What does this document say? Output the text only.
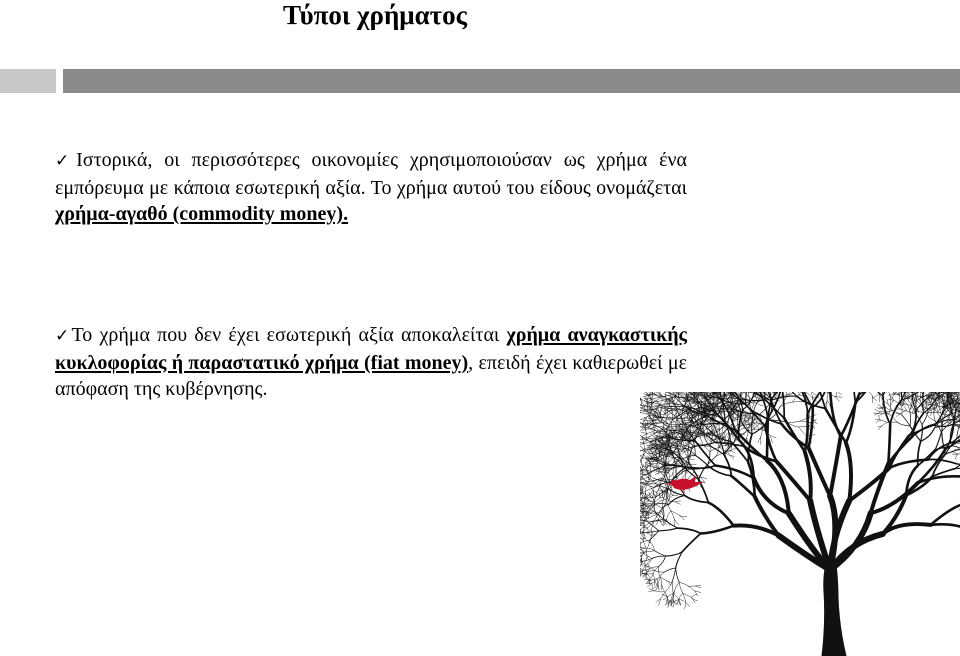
Τύποι χρήματος
✓Ιστορικά, οι περισσότερες οικονομίες χρησιμοποιούσαν ως χρήμα ένα εμπόρευμα με κάποια εσωτερική αξία. Το χρήμα αυτού του είδους ονομάζεται χρήμα-αγαθό (commodity money).
✓Το χρήμα που δεν έχει εσωτερική αξία αποκαλείται χρήμα αναγκαστικής κυκλοφορίας ή παραστατικό χρήμα (fiat money), επειδή έχει καθιερωθεί με απόφαση της κυβέρνησης.
